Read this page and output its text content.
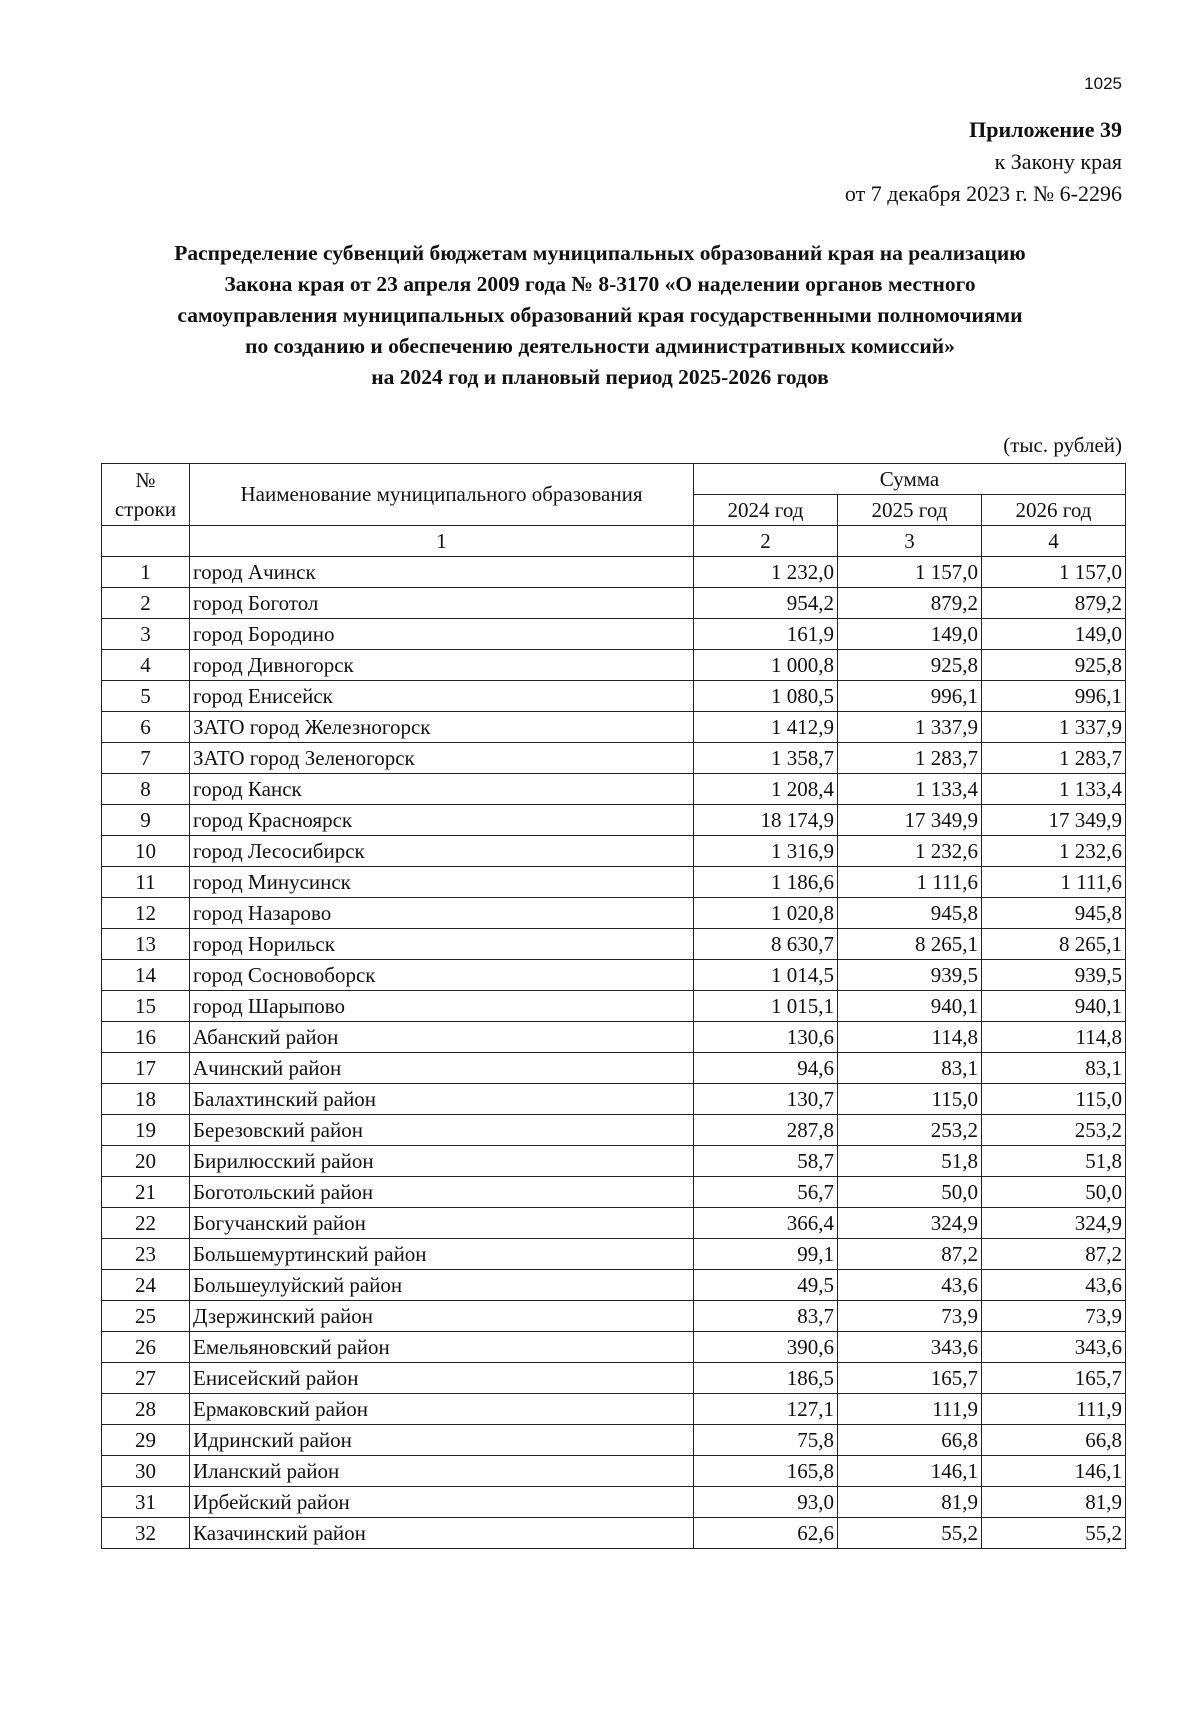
1025
Приложение 39
к Закону края
от 7 декабря 2023 г. № 6-2296
Распределение субвенций бюджетам муниципальных образований края на реализацию
Закона края от 23 апреля 2009 года № 8-3170 «О наделении органов местного
самоуправления муниципальных образований края государственными полномочиями
по созданию и обеспечению деятельности административных комиссий»
на 2024 год и плановый период 2025-2026 годов
(тыс. рублей)
№
строки	Наименование муниципального образования	Сумма		
		2024 год	2025 год	2026 год
	1	2	3	4
1	город Ачинск	1 232,0	1 157,0	1 157,0
2	город Боготол	954,2	879,2	879,2
3	город Бородино	161,9	149,0	149,0
4	город Дивногорск	1 000,8	925,8	925,8
5	город Енисейск	1 080,5	996,1	996,1
6	ЗАТО город Железногорск	1 412,9	1 337,9	1 337,9
7	ЗАТО город Зеленогорск	1 358,7	1 283,7	1 283,7
8	город Канск	1 208,4	1 133,4	1 133,4
9	город Красноярск	18 174,9	17 349,9	17 349,9
10	город Лесосибирск	1 316,9	1 232,6	1 232,6
11	город Минусинск	1 186,6	1 111,6	1 111,6
12	город Назарово	1 020,8	945,8	945,8
13	город Норильск	8 630,7	8 265,1	8 265,1
14	город Сосновоборск	1 014,5	939,5	939,5
15	город Шарыпово	1 015,1	940,1	940,1
16	Абанский район	130,6	114,8	114,8
17	Ачинский район	94,6	83,1	83,1
18	Балахтинский район	130,7	115,0	115,0
19	Березовский район	287,8	253,2	253,2
20	Бирилюсский район	58,7	51,8	51,8
21	Боготольский район	56,7	50,0	50,0
22	Богучанский район	366,4	324,9	324,9
23	Большемуртинский район	99,1	87,2	87,2
24	Большеулуйский район	49,5	43,6	43,6
25	Дзержинский район	83,7	73,9	73,9
26	Емельяновский район	390,6	343,6	343,6
27	Енисейский район	186,5	165,7	165,7
28	Ермаковский район	127,1	111,9	111,9
29	Идринский район	75,8	66,8	66,8
30	Иланский район	165,8	146,1	146,1
31	Ирбейский район	93,0	81,9	81,9
32	Казачинский район	62,6	55,2	55,2
